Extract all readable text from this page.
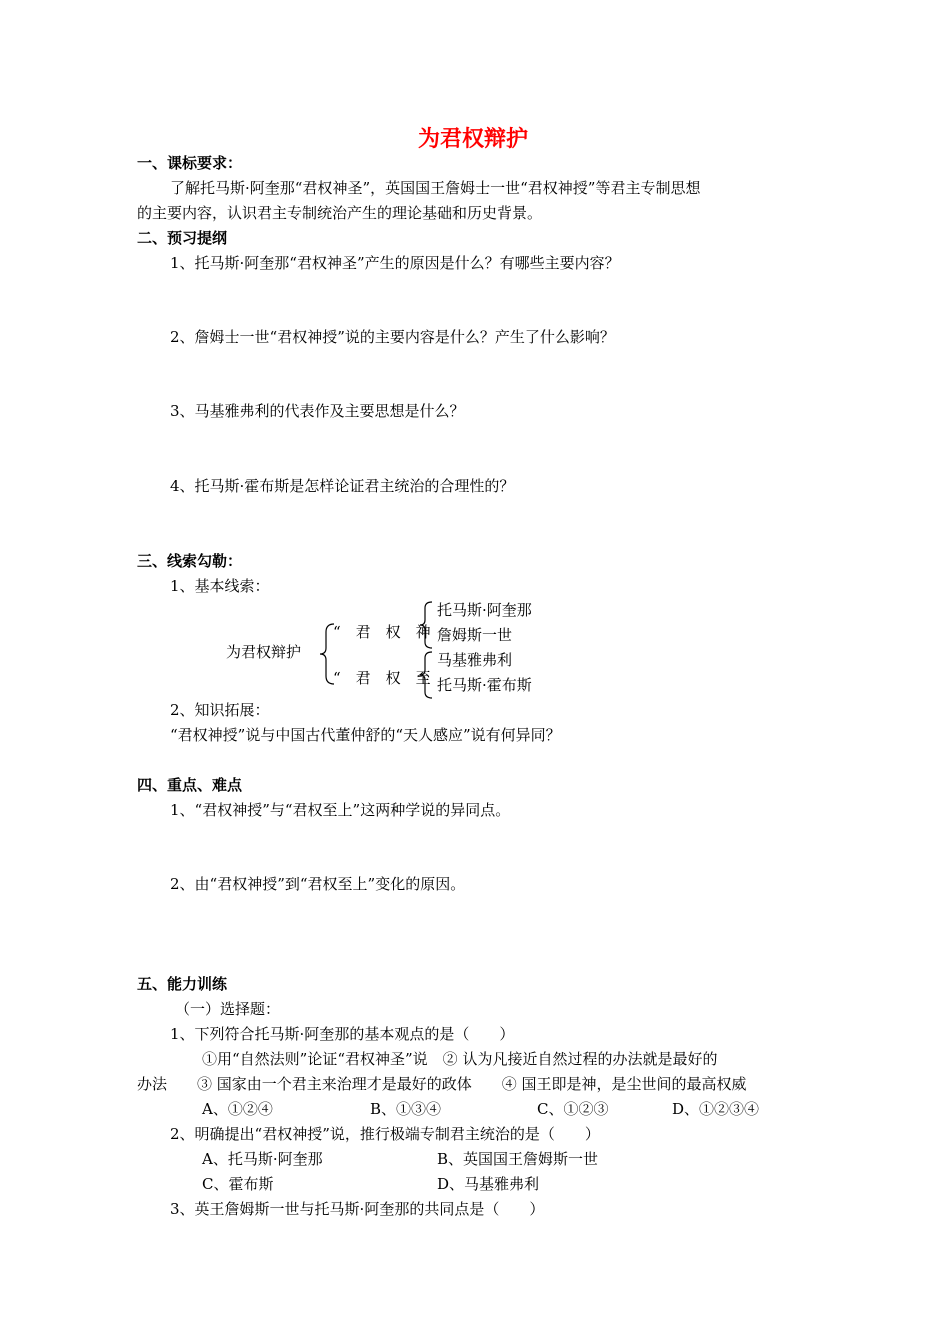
为君权辩护
一、课标要求：
了解托马斯·阿奎那“君权神圣”，英国国王詹姆士一世“君权神授”等君主专制思想
的主要内容，认识君主专制统治产生的理论基础和历史背景。
二、预习提纲
1、托马斯·阿奎那“君权神圣”产生的原因是什么？有哪些主要内容？
2、詹姆士一世“君权神授”说的主要内容是什么？产生了什么影响？
3、马基雅弗利的代表作及主要思想是什么？
4、托马斯·霍布斯是怎样论证君主统治的合理性的？
三、线索勾勒：
1、基本线索：
为君权辩护
“　君　权　神
“　君　权　至
托马斯·阿奎那
詹姆斯一世
马基雅弗利
托马斯·霍布斯
2、知识拓展：
“君权神授”说与中国古代董仲舒的“天人感应”说有何异同？
四、重点、难点
1、“君权神授”与“君权至上”这两种学说的异同点。
2、由“君权神授”到“君权至上”变化的原因。
五、能力训练
（一）选择题：
1、下列符合托马斯·阿奎那的基本观点的是（　　）
①用“自然法则”论证“君权神圣”说　② 认为凡接近自然过程的办法就是最好的
办法　　③ 国家由一个君主来治理才是最好的政体　　④ 国王即是神，是尘世间的最高权威
A、①②④	B、①③④	C、①②③	D、①②③④
2、明确提出“君权神授”说，推行极端专制君主统治的是（　　）
A、托马斯·阿奎那	B、英国国王詹姆斯一世
C、霍布斯	D、马基雅弗利
3、英王詹姆斯一世与托马斯·阿奎那的共同点是（　　）
